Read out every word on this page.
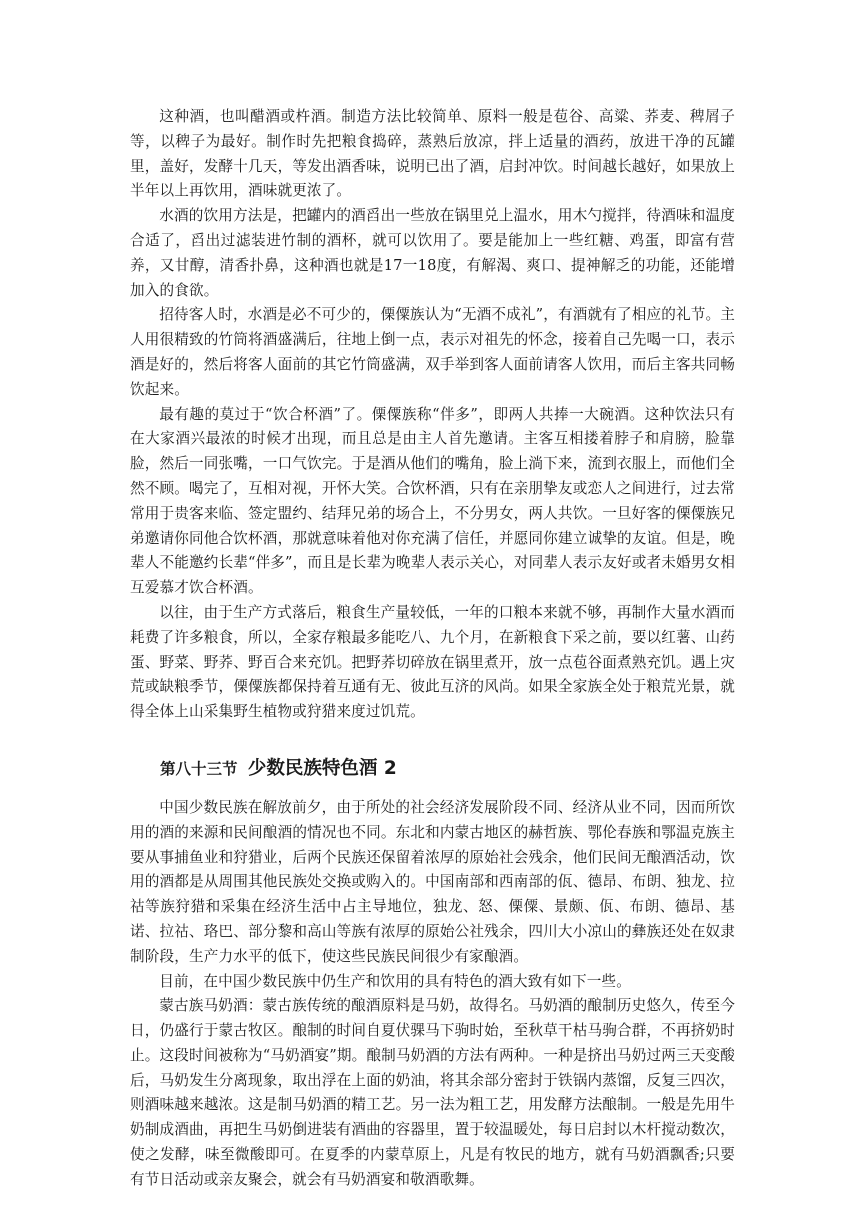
这种酒，也叫醋酒或杵酒。制造方法比较简单、原料一般是苞谷、高粱、荞麦、稗屑子等，以稗子为最好。制作时先把粮食捣碎，蒸熟后放凉，拌上适量的酒药，放进干净的瓦罐里，盖好，发酵十几天，等发出酒香味，说明已出了酒，启封冲饮。时间越长越好，如果放上半年以上再饮用，酒味就更浓了。

水酒的饮用方法是，把罐内的酒舀出一些放在锅里兑上温水，用木勺搅拌，待酒味和温度合适了，舀出过滤装进竹制的酒杯，就可以饮用了。要是能加上一些红糖、鸡蛋，即富有营养，又甘醇，清香扑鼻，这种酒也就是17一18度，有解渴、爽口、提神解乏的功能，还能增加入的食欲。

招待客人时，水酒是必不可少的，傈僳族认为“无酒不成礼”，有酒就有了相应的礼节。主人用很精致的竹筒将酒盛满后，往地上倒一点，表示对祖先的怀念，接着自己先喝一口，表示酒是好的，然后将客人面前的其它竹筒盛满，双手举到客人面前请客人饮用，而后主客共同畅饮起来。

最有趣的莫过于“饮合杯酒”了。傈僳族称“伴多”，即两人共捧一大碗酒。这种饮法只有在大家酒兴最浓的时候才出现，而且总是由主人首先邀请。主客互相搂着脖子和肩膀，脸靠脸，然后一同张嘴，一口气饮完。于是酒从他们的嘴角，脸上淌下来，流到衣服上，而他们全然不顾。喝完了，互相对视，开怀大笑。合饮杯酒，只有在亲朋挚友或恋人之间进行，过去常常用于贵客来临、签定盟约、结拜兄弟的场合上，不分男女，两人共饮。一旦好客的傈僳族兄弟邀请你同他合饮杯酒，那就意味着他对你充满了信任，并愿同你建立诚挚的友谊。但是，晚辈人不能邀约长辈“伴多”，而且是长辈为晚辈人表示关心，对同辈人表示友好或者未婚男女相互爱慕才饮合杯酒。

以往，由于生产方式落后，粮食生产量较低，一年的口粮本来就不够，再制作大量水酒而耗费了许多粮食，所以，全家存粮最多能吃八、九个月，在新粮食下采之前，要以红薯、山药蛋、野菜、野荞、野百合来充饥。把野荞切碎放在锅里煮开，放一点苞谷面煮熟充饥。遇上灾荒或缺粮季节，傈僳族都保持着互通有无、彼此互济的风尚。如果全家族全处于粮荒光景，就得全体上山采集野生植物或狩猎来度过饥荒。

第八十三节 少数民族特色酒 2

中国少数民族在解放前夕，由于所处的社会经济发展阶段不同、经济从业不同，因而所饮用的酒的来源和民间酿酒的情况也不同。东北和内蒙古地区的赫哲族、鄂伦春族和鄂温克族主要从事捕鱼业和狩猎业，后两个民族还保留着浓厚的原始社会残余，他们民间无酿酒活动，饮用的酒都是从周围其他民族处交换或购入的。中国南部和西南部的佤、德昂、布朗、独龙、拉祜等族狩猎和采集在经济生活中占主导地位，独龙、怒、傈僳、景颇、佤、布朗、德昂、基诺、拉祜、珞巴、部分黎和高山等族有浓厚的原始公社残余，四川大小凉山的彝族还处在奴隶制阶段，生产力水平的低下，使这些民族民间很少有家酿酒。

目前，在中国少数民族中仍生产和饮用的具有特色的酒大致有如下一些。

蒙古族马奶酒：蒙古族传统的酿酒原料是马奶，故得名。马奶酒的酿制历史悠久，传至今日，仍盛行于蒙古牧区。酿制的时间自夏伏骒马下驹时始，至秋草干枯马驹合群，不再挤奶时止。这段时间被称为“马奶酒宴”期。酿制马奶酒的方法有两种。一种是挤出马奶过两三天变酸后，马奶发生分离现象，取出浮在上面的奶油，将其余部分密封于铁锅内蒸馏，反复三四次，则酒味越来越浓。这是制马奶酒的精工艺。另一法为粗工艺，用发酵方法酿制。一般是先用牛奶制成酒曲，再把生马奶倒进装有酒曲的容器里，置于较温暖处，每日启封以木杆搅动数次，使之发酵，味至微酸即可。在夏季的内蒙草原上，凡是有牧民的地方，就有马奶酒飘香;只要有节日活动或亲友聚会，就会有马奶酒宴和敬酒歌舞。
